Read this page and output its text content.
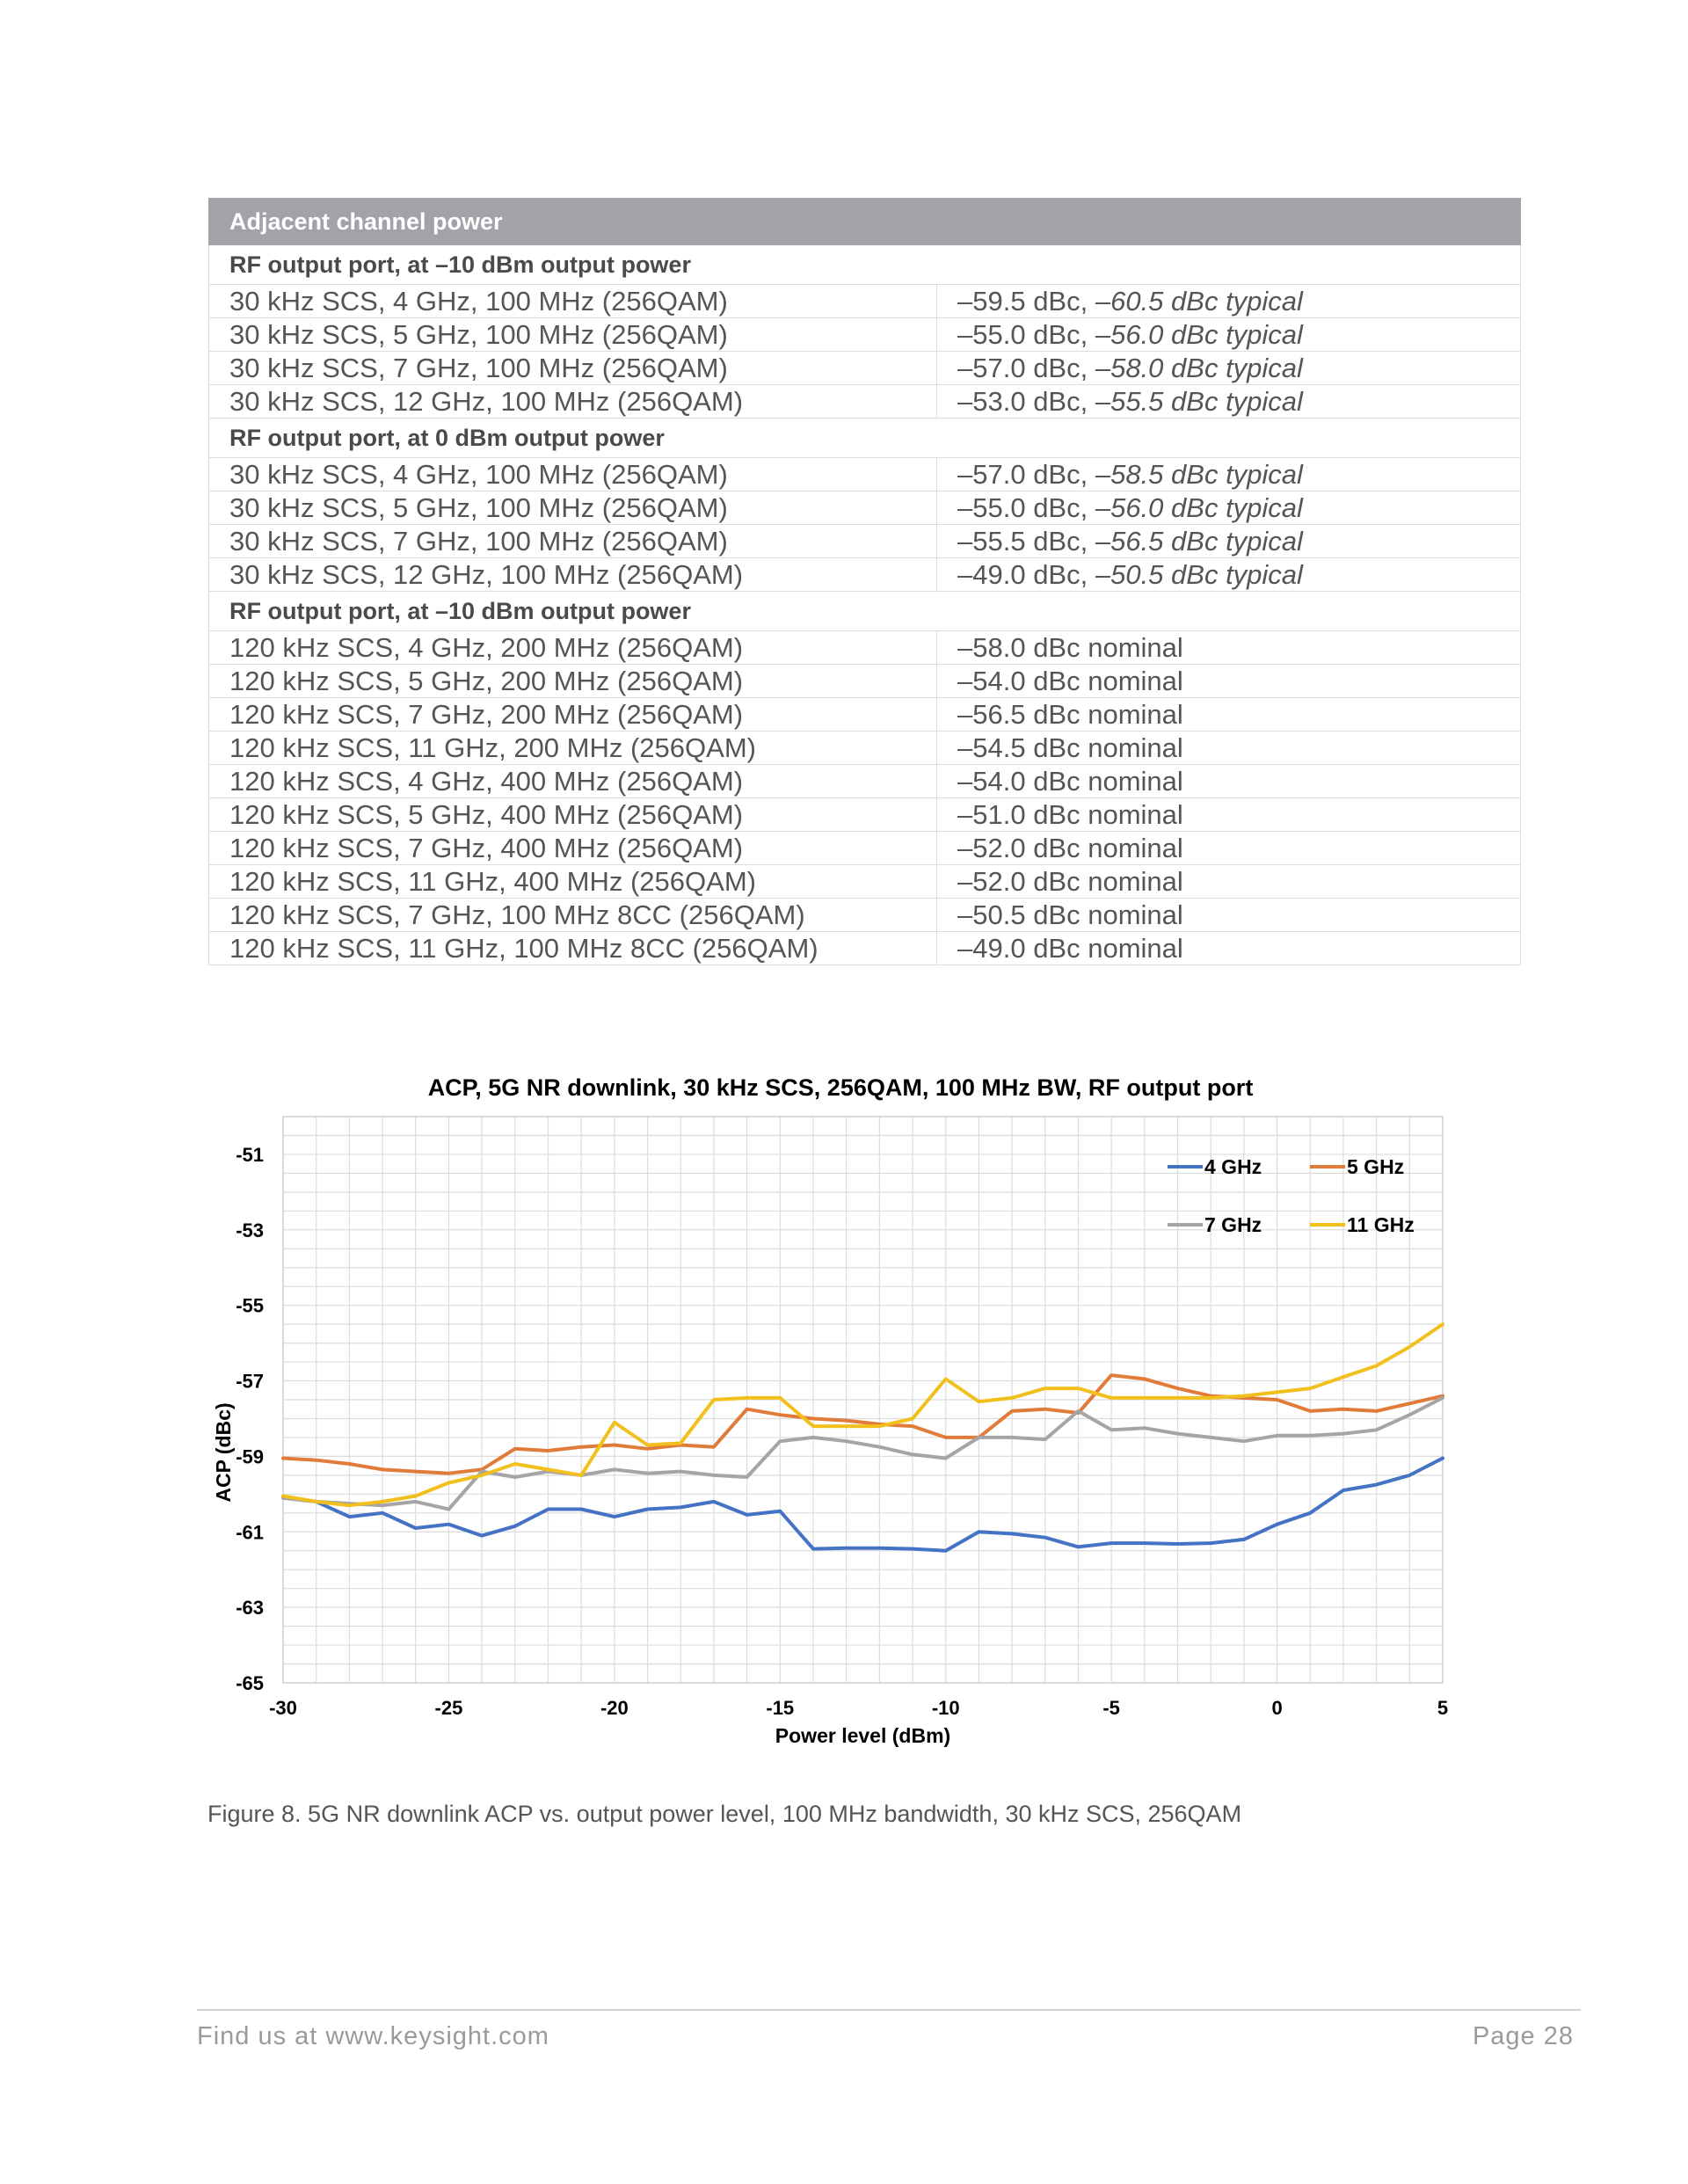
Adjacent channel power	
RF output port, at –10 dBm output power	
30 kHz SCS, 4 GHz, 100 MHz (256QAM)	–59.5 dBc, –60.5 dBc typical
30 kHz SCS, 5 GHz, 100 MHz (256QAM)	–55.0 dBc, –56.0 dBc typical
30 kHz SCS, 7 GHz, 100 MHz (256QAM)	–57.0 dBc, –58.0 dBc typical
30 kHz SCS, 12 GHz, 100 MHz (256QAM)	–53.0 dBc, –55.5 dBc typical
RF output port, at 0 dBm output power	
30 kHz SCS, 4 GHz, 100 MHz (256QAM)	–57.0 dBc, –58.5 dBc typical
30 kHz SCS, 5 GHz, 100 MHz (256QAM)	–55.0 dBc, –56.0 dBc typical
30 kHz SCS, 7 GHz, 100 MHz (256QAM)	–55.5 dBc, –56.5 dBc typical
30 kHz SCS, 12 GHz, 100 MHz (256QAM)	–49.0 dBc, –50.5 dBc typical
RF output port, at –10 dBm output power	
120 kHz SCS, 4 GHz, 200 MHz (256QAM)	–58.0 dBc nominal
120 kHz SCS, 5 GHz, 200 MHz (256QAM)	–54.0 dBc nominal
120 kHz SCS, 7 GHz, 200 MHz (256QAM)	–56.5 dBc nominal
120 kHz SCS, 11 GHz, 200 MHz (256QAM)	–54.5 dBc nominal
120 kHz SCS, 4 GHz, 400 MHz (256QAM)	–54.0 dBc nominal
120 kHz SCS, 5 GHz, 400 MHz (256QAM)	–51.0 dBc nominal
120 kHz SCS, 7 GHz, 400 MHz (256QAM)	–52.0 dBc nominal
120 kHz SCS, 11 GHz, 400 MHz (256QAM)	–52.0 dBc nominal
120 kHz SCS, 7 GHz, 100 MHz 8CC (256QAM)	–50.5 dBc nominal
120 kHz SCS, 11 GHz, 100 MHz 8CC (256QAM)	–49.0 dBc nominal
ACP, 5G NR downlink, 30 kHz SCS, 256QAM, 100 MHz BW, RF output port
-51
-53
-55
-57
-59
-61
-63
-65
-30	-25	-20	-15	-10	-5	0	5
Power level (dBm)
ACP (dBc)
4 GHz	5 GHz
7 GHz	11 GHz
Figure 8. 5G NR downlink ACP vs. output power level, 100 MHz bandwidth, 30 kHz SCS, 256QAM
Find us at www.keysight.com	Page 28
